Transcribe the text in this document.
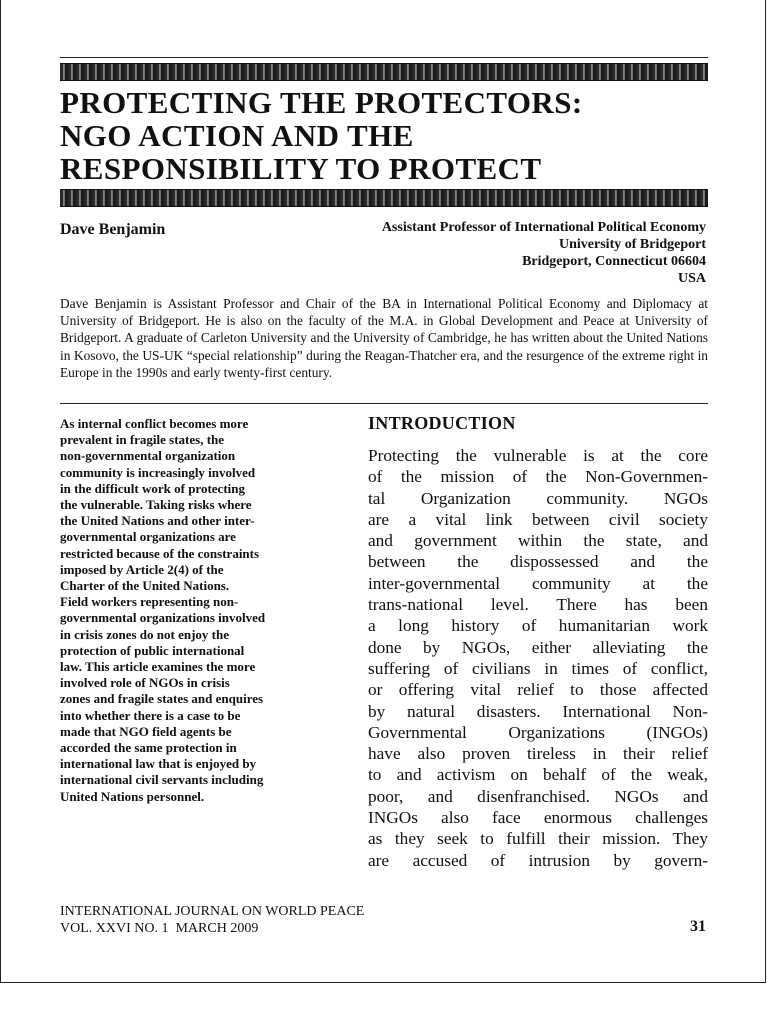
PROTECTING THE PROTECTORS:
NGO ACTION AND THE
RESPONSIBILITY TO PROTECT
Dave Benjamin	Assistant Professor of International Political Economy
University of Bridgeport
Bridgeport, Connecticut 06604
USA
Dave Benjamin is Assistant Professor and Chair of the BA in International Political Economy and Diplomacy at University of Bridgeport. He is also on the faculty of the M.A. in Global Development and Peace at University of Bridgeport. A graduate of Carleton University and the University of Cambridge, he has written about the United Nations in Kosovo, the US-UK “special relationship” during the Reagan-Thatcher era, and the resurgence of the extreme right in Europe in the 1990s and early twenty-first century.
As internal conflict becomes more
prevalent in fragile states, the
non-governmental organization
community is increasingly involved
in the difficult work of protecting
the vulnerable. Taking risks where
the United Nations and other inter-
governmental organizations are
restricted because of the constraints
imposed by Article 2(4) of the
Charter of the United Nations.
Field workers representing non-
governmental organizations involved
in crisis zones do not enjoy the
protection of public international
law. This article examines the more
involved role of NGOs in crisis
zones and fragile states and enquires
into whether there is a case to be
made that NGO field agents be
accorded the same protection in
international law that is enjoyed by
international civil servants including
United Nations personnel.
INTRODUCTION
Protecting the vulnerable is at the core
of the mission of the Non-Governmen-
tal Organization community. NGOs
are a vital link between civil society
and government within the state, and
between the dispossessed and the
inter-governmental community at the
trans-national level. There has been
a long history of humanitarian work
done by NGOs, either alleviating the
suffering of civilians in times of conflict,
or offering vital relief to those affected
by natural disasters. International Non-
Governmental Organizations (INGOs)
have also proven tireless in their relief
to and activism on behalf of the weak,
poor, and disenfranchised. NGOs and
INGOs also face enormous challenges
as they seek to fulfill their mission. They
are accused of intrusion by govern-
INTERNATIONAL JOURNAL ON WORLD PEACE
VOL. XXVI NO. 1  MARCH 2009	31
